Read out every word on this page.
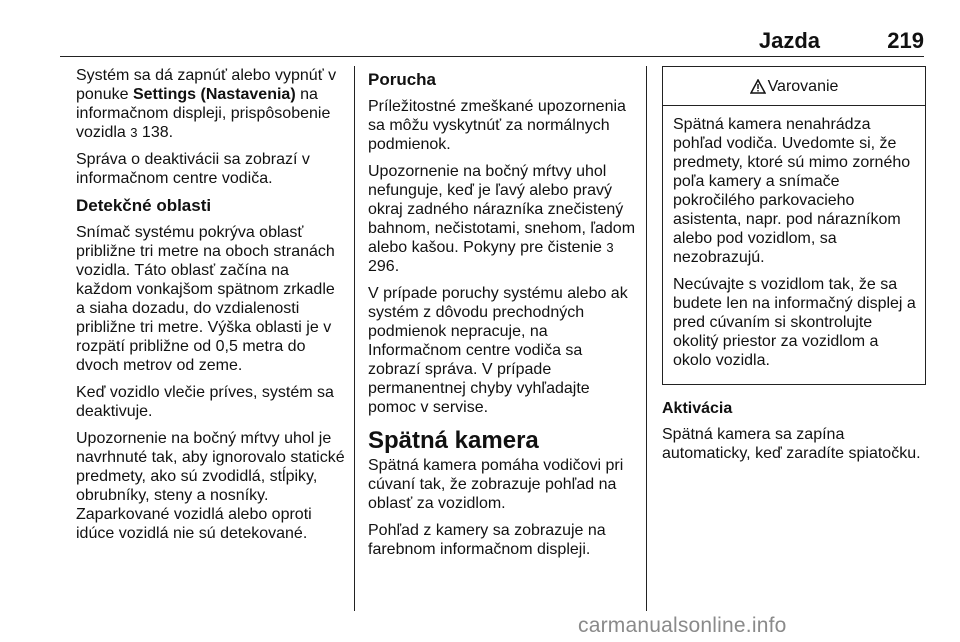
Jazda	219

Systém sa dá zapnúť alebo vypnúť v ponuke Settings (Nastavenia) na informačnom displeji, prispôsobenie vozidla 3 138.

Správa o deaktivácii sa zobrazí v informačnom centre vodiča.

Detekčné oblasti

Snímač systému pokrýva oblasť približne tri metre na oboch stranách vozidla. Táto oblasť začína na každom vonkajšom spätnom zrkadle a siaha dozadu, do vzdialenosti približne tri metre. Výška oblasti je v rozpätí približne od 0,5 metra do dvoch metrov od zeme.

Keď vozidlo vlečie príves, systém sa deaktivuje.

Upozornenie na bočný mŕtvy uhol je navrhnuté tak, aby ignorovalo statické predmety, ako sú zvodidlá, stĺpiky, obrubníky, steny a nosníky. Zaparkované vozidlá alebo oproti idúce vozidlá nie sú detekované.

Porucha

Príležitostné zmeškané upozornenia sa môžu vyskytnúť za normálnych podmienok.

Upozornenie na bočný mŕtvy uhol nefunguje, keď je ľavý alebo pravý okraj zadného nárazníka znečistený bahnom, nečistotami, snehom, ľadom alebo kašou. Pokyny pre čistenie 3 296.

V prípade poruchy systému alebo ak systém z dôvodu prechodných podmienok nepracuje, na Informačnom centre vodiča sa zobrazí správa. V prípade permanentnej chyby vyhľadajte pomoc v servise.

Spätná kamera

Spätná kamera pomáha vodičovi pri cúvaní tak, že zobrazuje pohľad na oblasť za vozidlom.

Pohľad z kamery sa zobrazuje na farebnom informačnom displeji.

Varovanie

Spätná kamera nenahrádza pohľad vodiča. Uvedomte si, že predmety, ktoré sú mimo zorného poľa kamery a snímače pokročilého parkovacieho asistenta, napr. pod nárazníkom alebo pod vozidlom, sa nezobrazujú.

Necúvajte s vozidlom tak, že sa budete len na informačný displej a pred cúvaním si skontrolujte okolitý priestor za vozidlom a okolo vozidla.

Aktivácia

Spätná kamera sa zapína automaticky, keď zaradíte spiatočku.

carmanualsonline.info
